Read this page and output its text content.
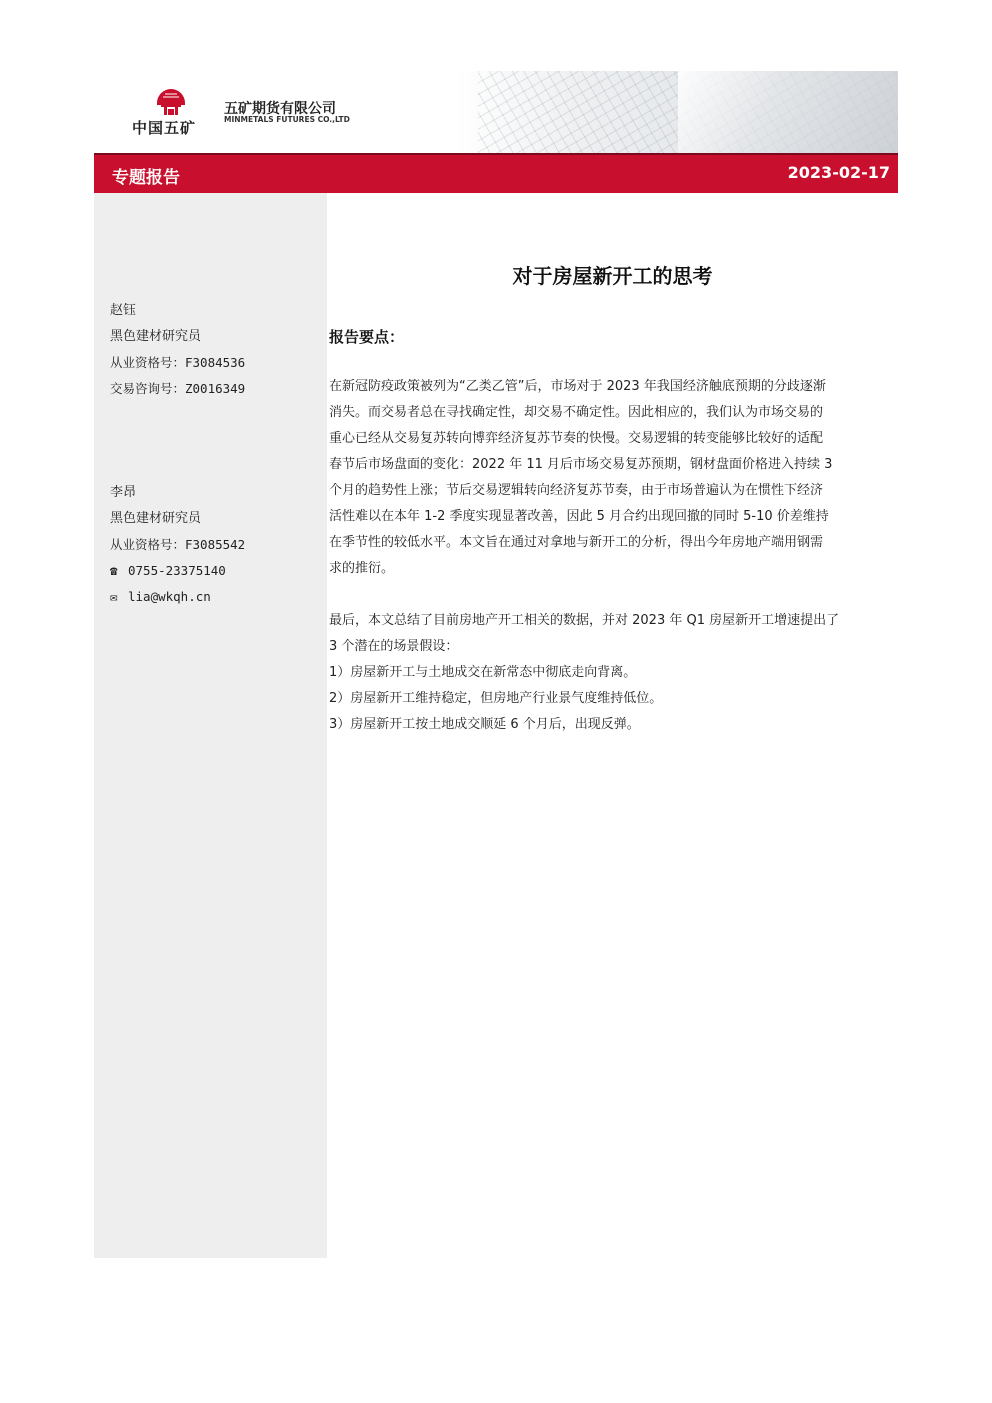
中国五矿
五矿期货有限公司
MINMETALS FUTURES CO.,LTD
专题报告	2023-02-17
赵钰
黑色建材研究员
从业资格号：F3084536
交易咨询号：Z0016349
李昂
黑色建材研究员
从业资格号：F3085542
☎ 0755-23375140
✉ lia@wkqh.cn
对于房屋新开工的思考
报告要点：
在新冠防疫政策被列为“乙类乙管”后，市场对于 2023 年我国经济触底预期的分歧逐渐
消失。而交易者总在寻找确定性，却交易不确定性。因此相应的，我们认为市场交易的
重心已经从交易复苏转向博弈经济复苏节奏的快慢。交易逻辑的转变能够比较好的适配
春节后市场盘面的变化：2022 年 11 月后市场交易复苏预期，钢材盘面价格进入持续 3
个月的趋势性上涨；节后交易逻辑转向经济复苏节奏，由于市场普遍认为在惯性下经济
活性难以在本年 1-2 季度实现显著改善，因此 5 月合约出现回撤的同时 5-10 价差维持
在季节性的较低水平。本文旨在通过对拿地与新开工的分析，得出今年房地产端用钢需
求的推衍。
最后，本文总结了目前房地产开工相关的数据，并对 2023 年 Q1 房屋新开工增速提出了
3 个潜在的场景假设：
1）房屋新开工与土地成交在新常态中彻底走向背离。
2）房屋新开工维持稳定，但房地产行业景气度维持低位。
3）房屋新开工按土地成交顺延 6 个月后，出现反弹。
